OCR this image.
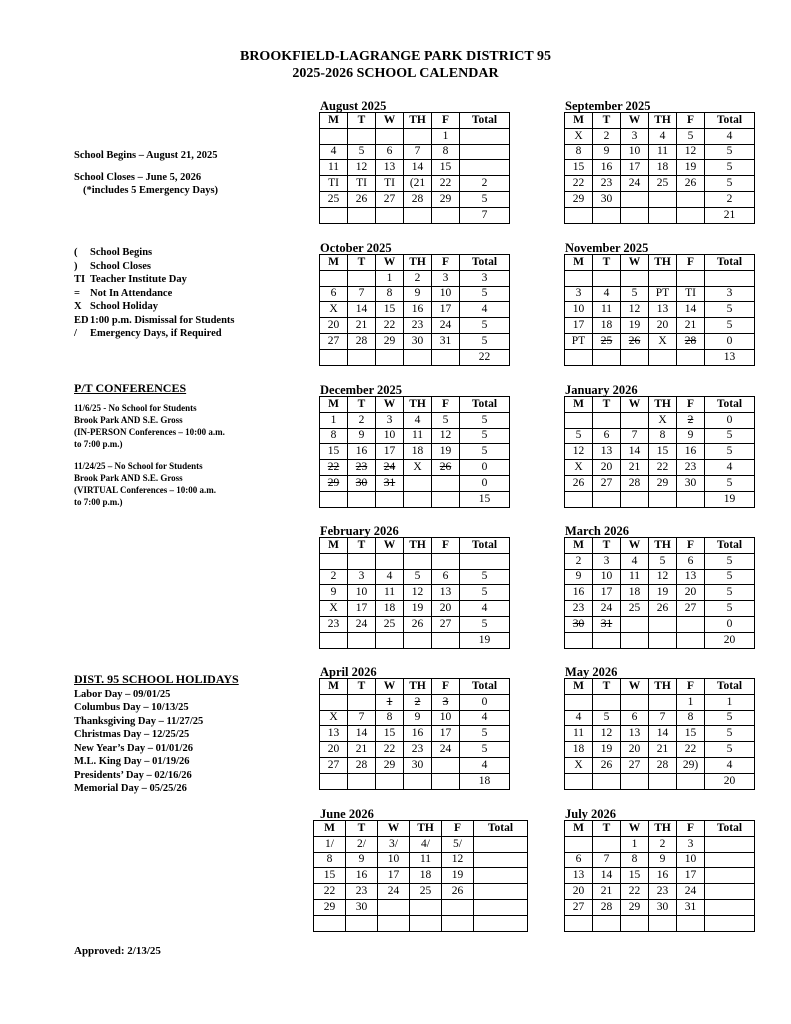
BROOKFIELD-LAGRANGE PARK DISTRICT 95
2025-2026 SCHOOL CALENDAR

School Begins – August 21, 2025

School Closes – June 5, 2026

(*includes 5 Emergency Days)

(	School Begins
)	School Closes
TI Teacher Institute Day
= Not In Attendance
X School Holiday
ED 1:00 p.m. Dismissal for Students
/	Emergency Days, if Required

P/T CONFERENCES

11/6/25 - No School for Students
Brook Park AND S.E. Gross
(IN-PERSON Conferences – 10:00 a.m.
to 7:00 p.m.)
11/24/25 – No School for Students
Brook Park AND S.E. Gross
(VIRTUAL Conferences – 10:00 a.m.
to 7:00 p.m.)

DIST. 95 SCHOOL HOLIDAYS

Labor Day – 09/01/25
Columbus Day – 10/13/25
Thanksgiving Day – 11/27/25
Christmas Day – 12/25/25
New Year’s Day – 01/01/26
M.L. King Day – 01/19/26
Presidents’ Day – 02/16/26
Memorial Day – 05/25/26
Approved: 2/13/25
August 2025
M	T	W	TH	F	Total
				1	
4	5	6	7	8	
11	12	13	14	15	
TI	TI	TI	(21	22	2
25	26	27	28	29	5
					7
September 2025
M	T	W	TH	F	Total
X	2	3	4	5	4
8	9	10	11	12	5
15	16	17	18	19	5
22	23	24	25	26	5
29	30				2
					21
October 2025
M	T	W	TH	F	Total
		1	2	3	3
6	7	8	9	10	5
X	14	15	16	17	4
20	21	22	23	24	5
27	28	29	30	31	5
					22
November 2025
M	T	W	TH	F	Total

3	4	5	PT	TI	3
10	11	12	13	14	5
17	18	19	20	21	5
PT	25	26	X	28	0
					13
December 2025
M	T	W	TH	F	Total
1	2	3	4	5	5
8	9	10	11	12	5
15	16	17	18	19	5
22	23	24	X	26	0
29	30	31			0
					15
January 2026
M	T	W	TH	F	Total
			X	2	0
5	6	7	8	9	5
12	13	14	15	16	5
X	20	21	22	23	4
26	27	28	29	30	5
					19
February 2026
M	T	W	TH	F	Total

2	3	4	5	6	5
9	10	11	12	13	5
X	17	18	19	20	4
23	24	25	26	27	5
					19
March 2026
M	T	W	TH	F	Total
2	3	4	5	6	5
9	10	11	12	13	5
16	17	18	19	20	5
23	24	25	26	27	5
30	31				0
					20
April 2026
M	T	W	TH	F	Total
		1	2	3	0
X	7	8	9	10	4
13	14	15	16	17	5
20	21	22	23	24	5
27	28	29	30		4
					18
May 2026
M	T	W	TH	F	Total
				1	1
4	5	6	7	8	5
11	12	13	14	15	5
18	19	20	21	22	5
X	26	27	28	29)	4
					20
June 2026
M	T	W	TH	F	Total
1/	2/	3/	4/	5/	
8	9	10	11	12	
15	16	17	18	19	
22	23	24	25	26	
29	30				

July 2026
M	T	W	TH	F	Total
		1	2	3	
6	7	8	9	10	
13	14	15	16	17	
20	21	22	23	24	
27	28	29	30	31	
